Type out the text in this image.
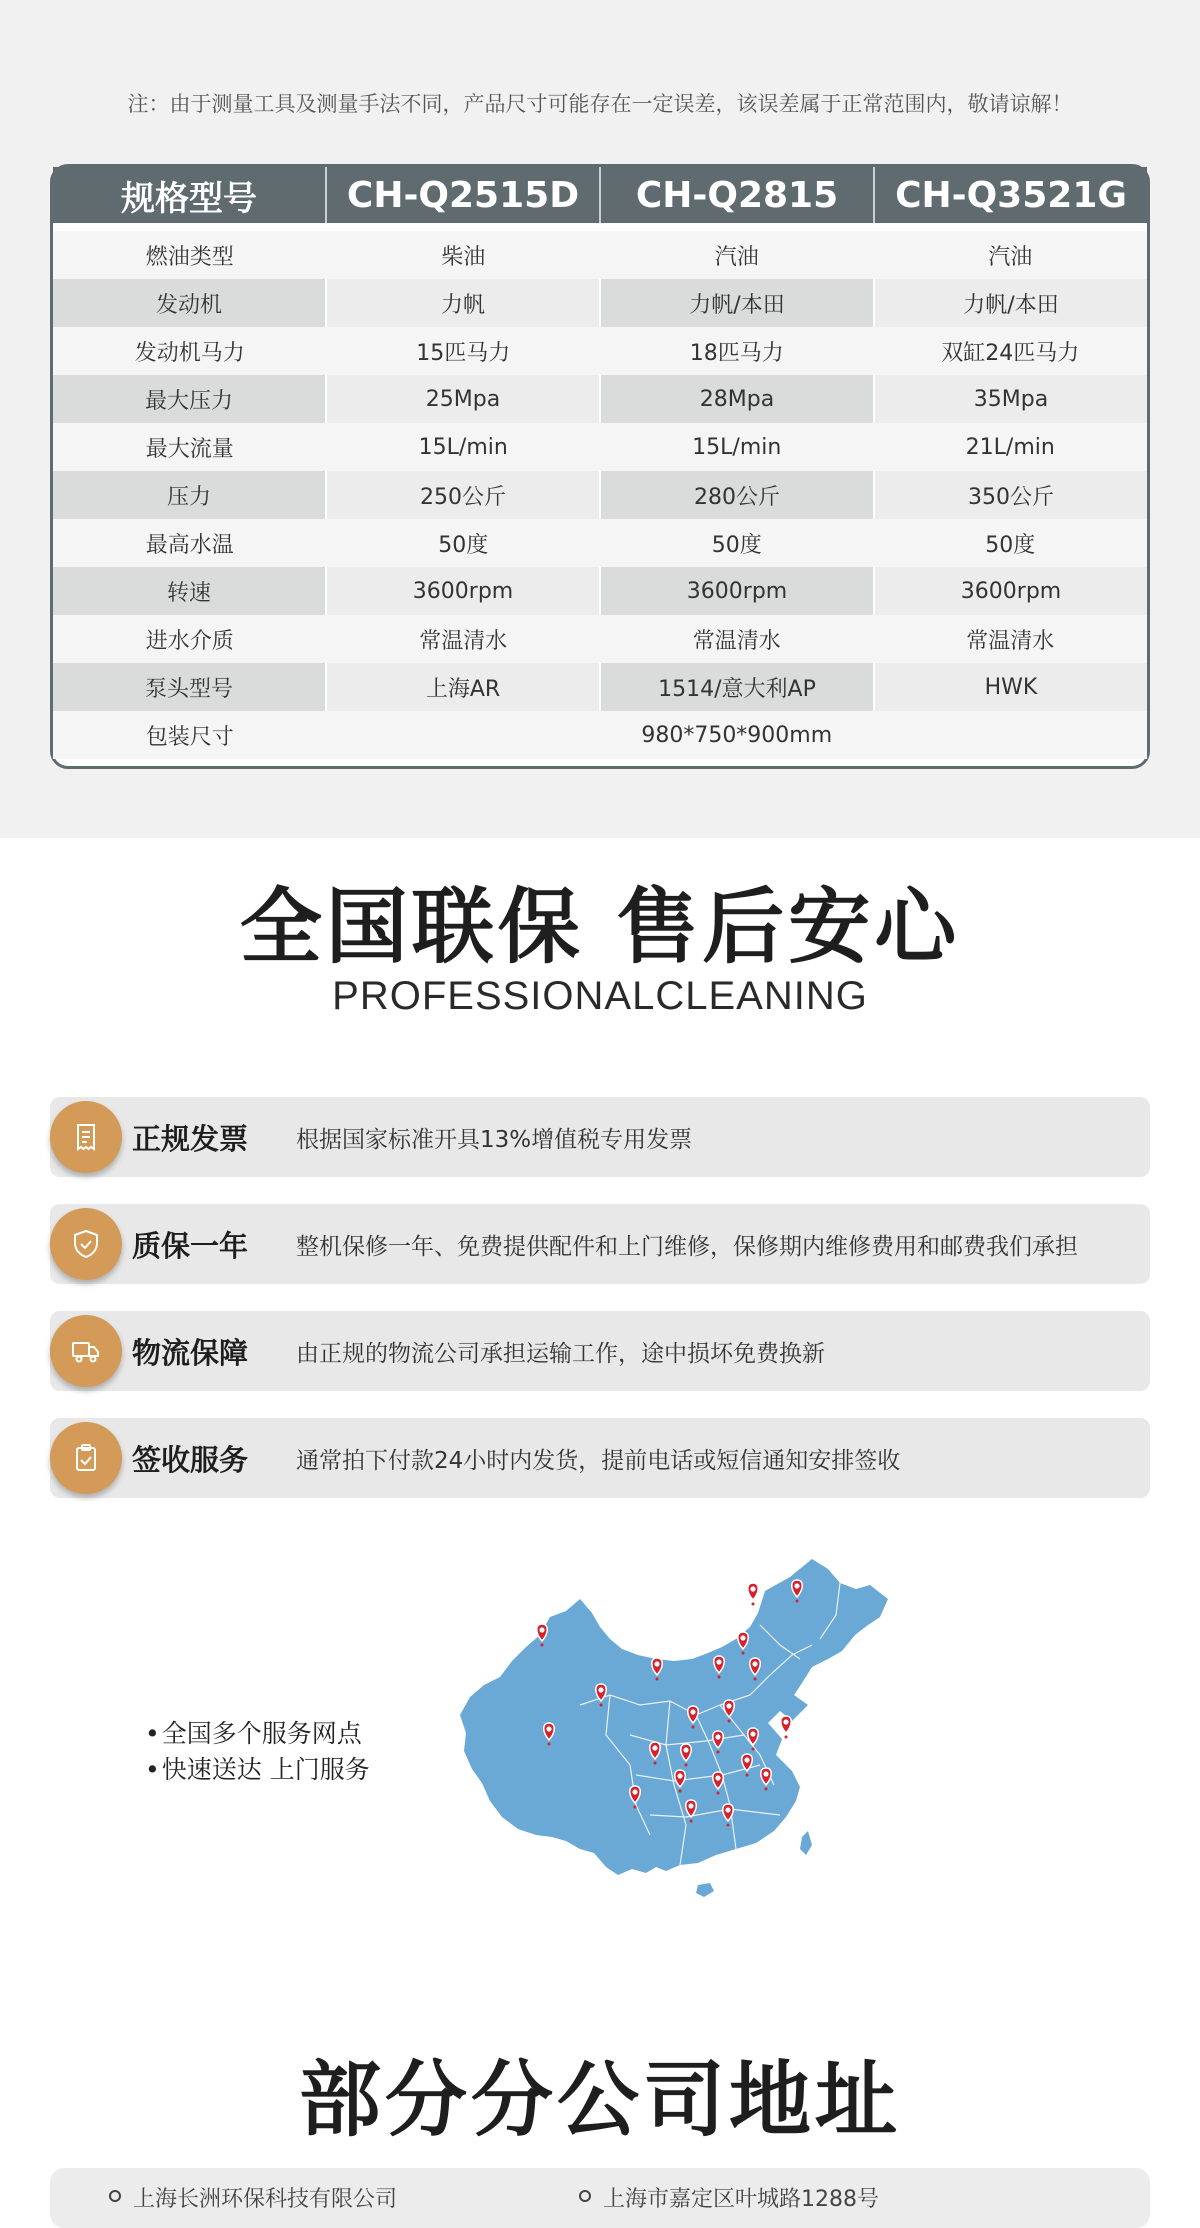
注：由于测量工具及测量手法不同，产品尺寸可能存在一定误差，该误差属于正常范围内，敬请谅解！
规格型号	CH-Q2515D	CH-Q2815	CH-Q3521G
燃油类型	柴油	汽油	汽油
发动机	力帆	力帆/本田	力帆/本田
发动机马力	15匹马力	18匹马力	双缸24匹马力
最大压力	25Mpa	28Mpa	35Mpa
最大流量	15L/min	15L/min	21L/min
压力	250公斤	280公斤	350公斤
最高水温	50度	50度	50度
转速	3600rpm	3600rpm	3600rpm
进水介质	常温清水	常温清水	常温清水
泵头型号	上海AR	1514/意大利AP	HWK
包装尺寸	980*750*900mm
全国联保 售后安心
PROFESSIONALCLEANING
正规发票 根据国家标准开具13%增值税专用发票
质保一年 整机保修一年、免费提供配件和上门维修，保修期内维修费用和邮费我们承担
物流保障 由正规的物流公司承担运输工作，途中损坏免费换新
签收服务 通常拍下付款24小时内发货，提前电话或短信通知安排签收
• 全国多个服务网点
• 快速送达 上门服务
部分分公司地址
上海长洲环保科技有限公司	上海市嘉定区叶城路1288号
